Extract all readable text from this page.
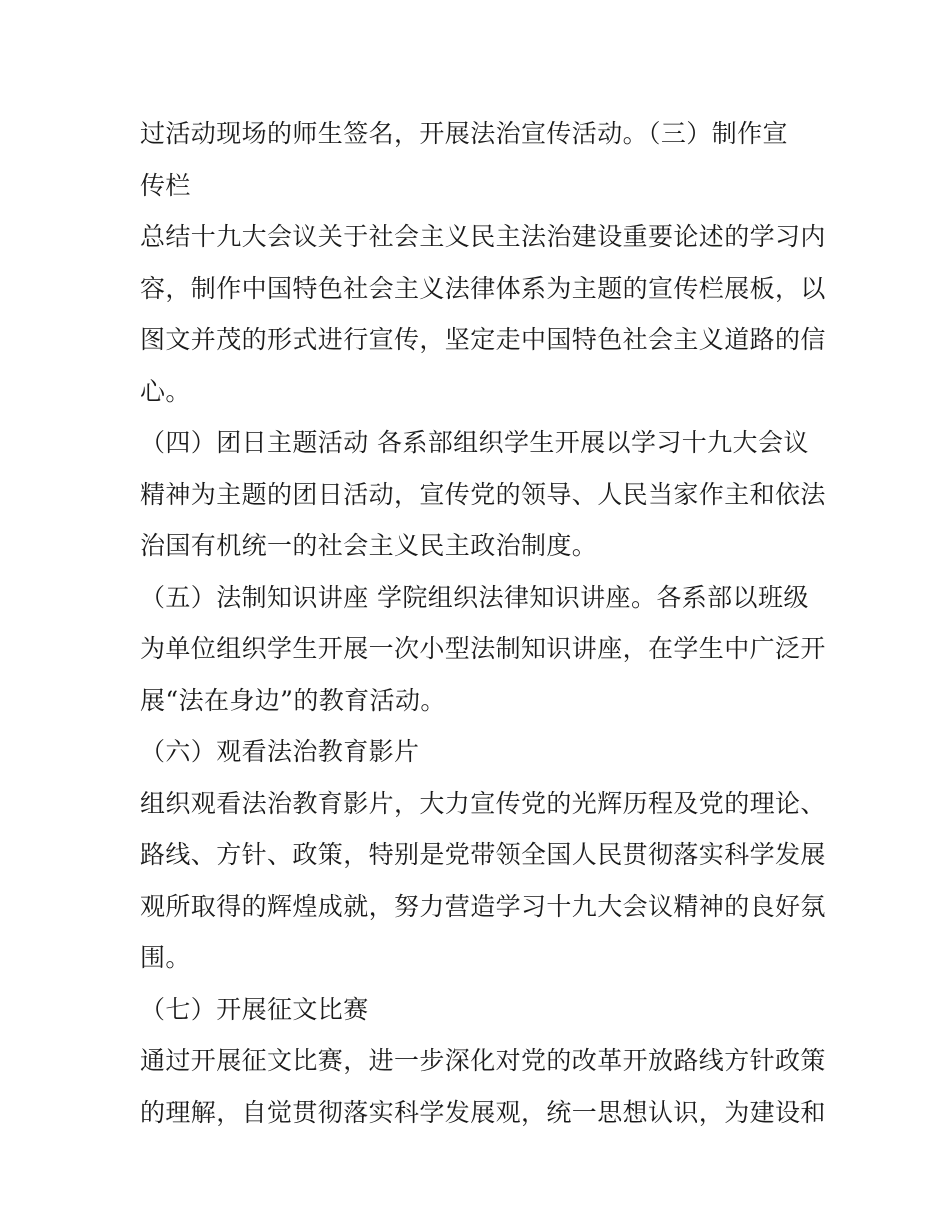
过活动现场的师生签名，开展法治宣传活动。（三）制作宣
传栏
总结十九大会议关于社会主义民主法治建设重要论述的学习内
容，制作中国特色社会主义法律体系为主题的宣传栏展板，以
图文并茂的形式进行宣传，坚定走中国特色社会主义道路的信
心。
（四）团日主题活动 各系部组织学生开展以学习十九大会议
精神为主题的团日活动，宣传党的领导、人民当家作主和依法
治国有机统一的社会主义民主政治制度。
（五）法制知识讲座 学院组织法律知识讲座。各系部以班级
为单位组织学生开展一次小型法制知识讲座，在学生中广泛开
展“法在身边”的教育活动。
（六）观看法治教育影片
组织观看法治教育影片，大力宣传党的光辉历程及党的理论、
路线、方针、政策，特别是党带领全国人民贯彻落实科学发展
观所取得的辉煌成就，努力营造学习十九大会议精神的良好氛
围。
（七）开展征文比赛
通过开展征文比赛，进一步深化对党的改革开放路线方针政策
的理解，自觉贯彻落实科学发展观，统一思想认识，为建设和
